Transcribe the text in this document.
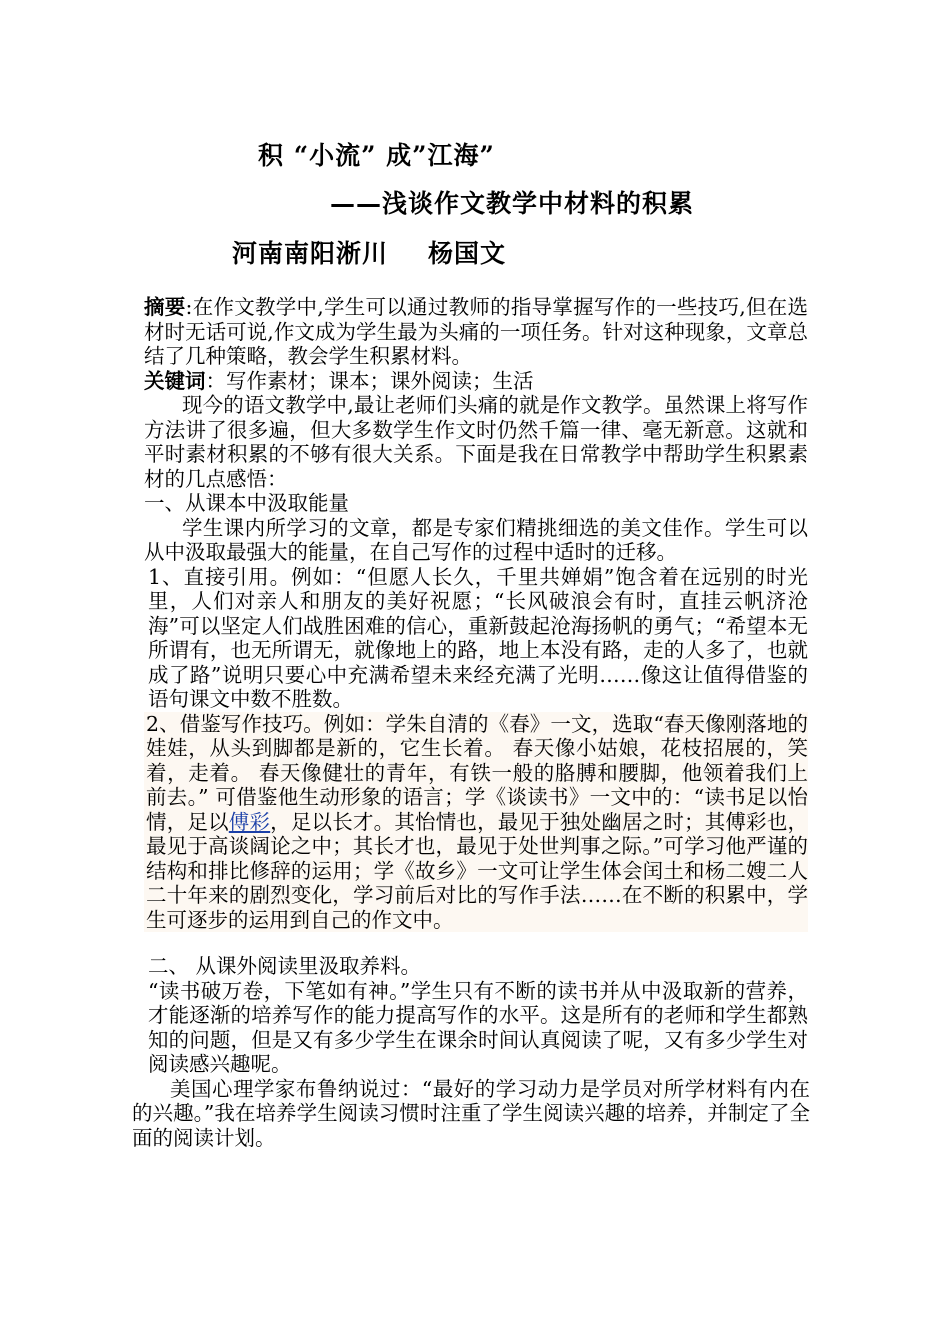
积 “小流” 成”江海”
——浅谈作文教学中材料的积累
河南南阳淅川 杨国文

摘要:在作文教学中,学生可以通过教师的指导掌握写作的一些技巧,但在选材时无话可说,作文成为学生最为头痛的一项任务。针对这种现象，文章总结了几种策略，教会学生积累材料。

关键词：写作素材；课本；课外阅读；生活

现今的语文教学中,最让老师们头痛的就是作文教学。虽然课上将写作方法讲了很多遍，但大多数学生作文时仍然千篇一律、毫无新意。这就和平时素材积累的不够有很大关系。下面是我在日常教学中帮助学生积累素材的几点感悟：

一、从课本中汲取能量

学生课内所学习的文章，都是专家们精挑细选的美文佳作。学生可以从中汲取最强大的能量，在自己写作的过程中适时的迁移。

1、直接引用。例如：“但愿人长久，千里共婵娟”饱含着在远别的时光里，人们对亲人和朋友的美好祝愿；“长风破浪会有时，直挂云帆济沧海”可以坚定人们战胜困难的信心，重新鼓起沧海扬帆的勇气；“希望本无所谓有，也无所谓无，就像地上的路，地上本没有路，走的人多了，也就成了路”说明只要心中充满希望未来经充满了光明……像这让值得借鉴的语句课文中数不胜数。

2、借鉴写作技巧。例如：学朱自清的《春》一文，选取“春天像刚落地的娃娃，从头到脚都是新的，它生长着。 春天像小姑娘，花枝招展的，笑着，走着。 春天像健壮的青年，有铁一般的胳膊和腰脚，他领着我们上前去。” 可借鉴他生动形象的语言；学《谈读书》一文中的：“读书足以怡情，足以傅彩，足以长才。其怡情也，最见于独处幽居之时；其傅彩也，最见于高谈阔论之中；其长才也，最见于处世判事之际。”可学习他严谨的结构和排比修辞的运用；学《故乡》一文可让学生体会闰土和杨二嫂二人二十年来的剧烈变化，学习前后对比的写作手法……在不断的积累中，学生可逐步的运用到自己的作文中。

二、 从课外阅读里汲取养料。

“读书破万卷，下笔如有神。”学生只有不断的读书并从中汲取新的营养，才能逐渐的培养写作的能力提高写作的水平。这是所有的老师和学生都熟知的问题，但是又有多少学生在课余时间认真阅读了呢，又有多少学生对阅读感兴趣呢。

美国心理学家布鲁纳说过：“最好的学习动力是学员对所学材料有内在的兴趣。”我在培养学生阅读习惯时注重了学生阅读兴趣的培养，并制定了全面的阅读计划。
